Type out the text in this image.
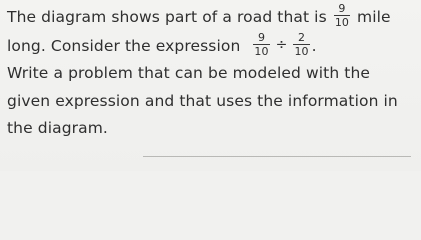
The diagram shows part of a road that is $\frac{9}{10}$ mile
long. Consider the expression $\frac{9}{10} \div \frac{2}{10}$ .
Write a problem that can be modeled with the
given expression and that uses the information in
the diagram.
